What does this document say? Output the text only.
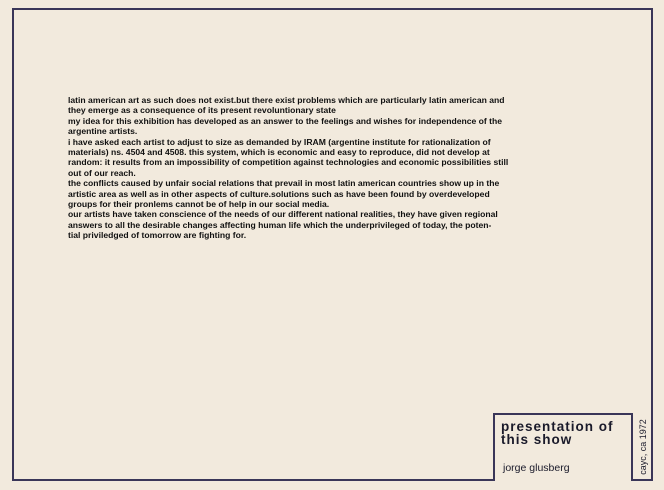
latin american art as such does not exist.but there exist problems which are particularly latin american and
they emerge as a consequence of its present revoluntionary state
my idea for this exhibition has developed as an answer to the feelings and wishes for independence of the
argentine artists.
i have asked each artist to adjust to size as demanded by IRAM (argentine institute for rationalization of
materials) ns. 4504 and 4508. this system, which is economic and easy to reproduce, did not develop at
random: it results from an impossibility of competition against technologies and economic possibilities still
out of our reach.
the conflicts caused by unfair social relations that prevail in most latin american countries show up in the
artistic area as well as in other aspects of culture.solutions such as have been found by overdeveloped
groups for their pronlems cannot be of help in our social media.
our artists have taken conscience of the needs of our different national realities, they have given regional
answers to all the desirable changes affecting human life which the underprivileged of today, the poten-
tial priviledged of tomorrow are fighting for.
presentation of
this show
jorge glusberg	cayc, ca 1972
